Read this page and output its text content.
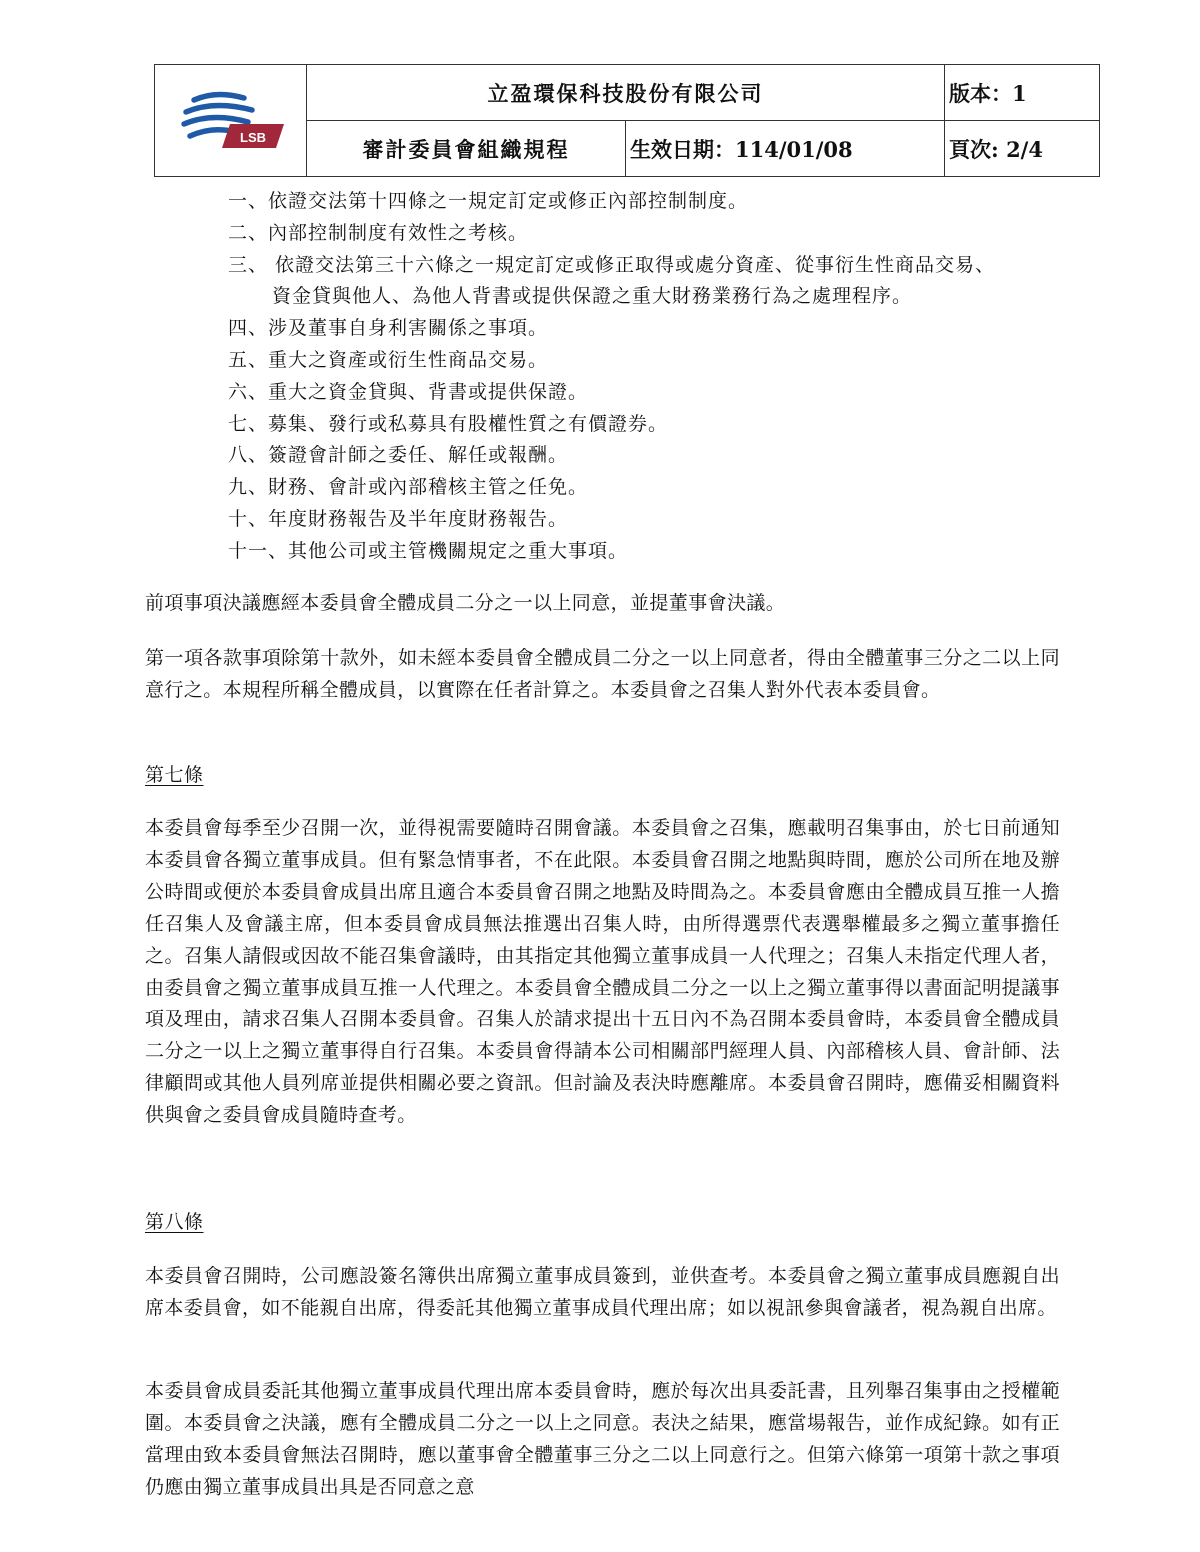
LSB	立盈環保科技股份有限公司		版本：1
	審計委員會組織規程	生效日期：114/01/08	頁次: 2/4
一、依證交法第十四條之一規定訂定或修正內部控制制度。
二、內部控制制度有效性之考核。
三、 依證交法第三十六條之一規定訂定或修正取得或處分資產、從事衍生性商品交易、
資金貸與他人、為他人背書或提供保證之重大財務業務行為之處理程序。
四、涉及董事自身利害關係之事項。
五、重大之資產或衍生性商品交易。
六、重大之資金貸與、背書或提供保證。
七、募集、發行或私募具有股權性質之有價證券。
八、簽證會計師之委任、解任或報酬。
九、財務、會計或內部稽核主管之任免。
十、年度財務報告及半年度財務報告。
十一、其他公司或主管機關規定之重大事項。

前項事項決議應經本委員會全體成員二分之一以上同意，並提董事會決議。

第一項各款事項除第十款外，如未經本委員會全體成員二分之一以上同意者，得由全體董事三分之二以上同意行之。本規程所稱全體成員，以實際在任者計算之。本委員會之召集人對外代表本委員會。

第七條

本委員會每季至少召開一次，並得視需要隨時召開會議。本委員會之召集，應載明召集事由，於七日前通知本委員會各獨立董事成員。但有緊急情事者，不在此限。本委員會召開之地點與時間，應於公司所在地及辦公時間或便於本委員會成員出席且適合本委員會召開之地點及時間為之。本委員會應由全體成員互推一人擔任召集人及會議主席，但本委員會成員無法推選出召集人時，由所得選票代表選舉權最多之獨立董事擔任之。召集人請假或因故不能召集會議時，由其指定其他獨立董事成員一人代理之；召集人未指定代理人者，由委員會之獨立董事成員互推一人代理之。本委員會全體成員二分之一以上之獨立董事得以書面記明提議事項及理由，請求召集人召開本委員會。召集人於請求提出十五日內不為召開本委員會時，本委員會全體成員二分之一以上之獨立董事得自行召集。本委員會得請本公司相關部門經理人員、內部稽核人員、會計師、法律顧問或其他人員列席並提供相關必要之資訊。但討論及表決時應離席。本委員會召開時，應備妥相關資料供與會之委員會成員隨時查考。

第八條

本委員會召開時，公司應設簽名簿供出席獨立董事成員簽到，並供查考。本委員會之獨立董事成員應親自出席本委員會，如不能親自出席，得委託其他獨立董事成員代理出席；如以視訊參與會議者，視為親自出席。

本委員會成員委託其他獨立董事成員代理出席本委員會時，應於每次出具委託書，且列舉召集事由之授權範圍。本委員會之決議，應有全體成員二分之一以上之同意。表決之結果，應當場報告，並作成紀錄。如有正當理由致本委員會無法召開時，應以董事會全體董事三分之二以上同意行之。但第六條第一項第十款之事項仍應由獨立董事成員出具是否同意之意
